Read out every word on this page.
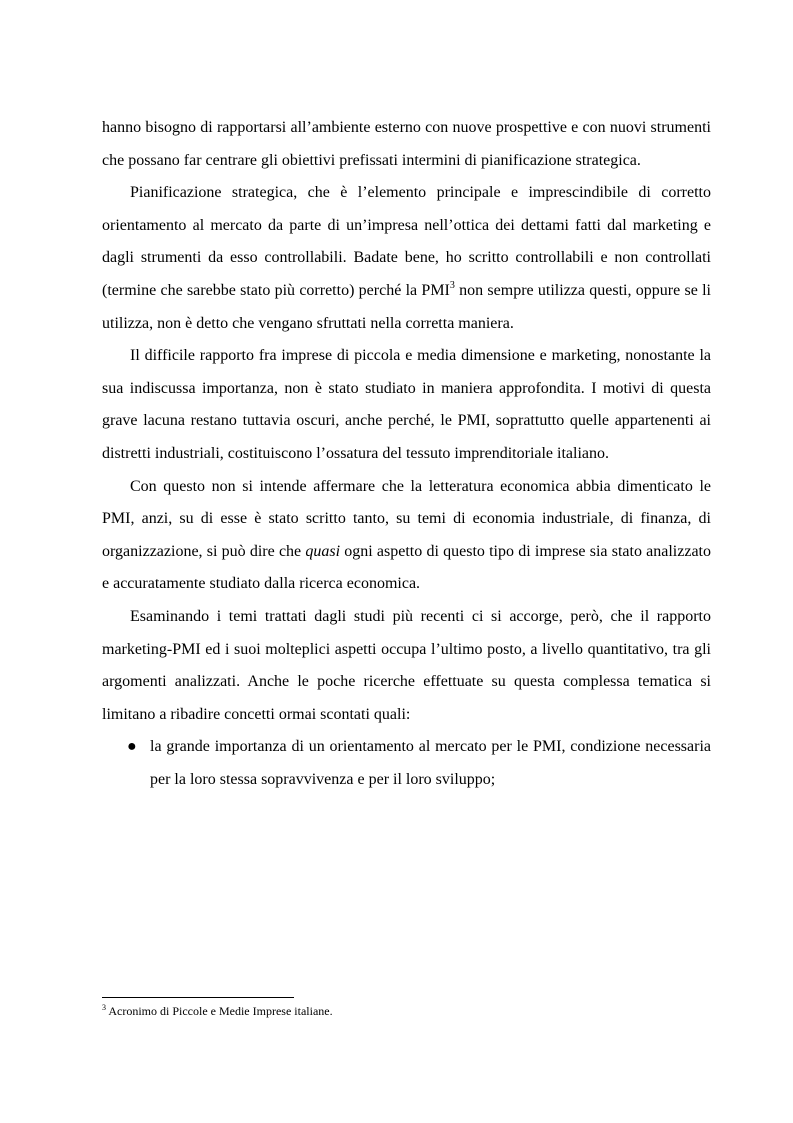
hanno bisogno di rapportarsi all’ambiente esterno con nuove prospettive e con nuovi strumenti che possano far centrare gli obiettivi prefissati intermini di pianificazione strategica.

Pianificazione strategica, che è l’elemento principale e imprescindibile di corretto orientamento al mercato da parte di un’impresa nell’ottica dei dettami fatti dal marketing e dagli strumenti da esso controllabili. Badate bene, ho scritto controllabili e non controllati (termine che sarebbe stato più corretto) perché la PMI$^3$ non sempre utilizza questi, oppure se li utilizza, non è detto che vengano sfruttati nella corretta maniera.

Il difficile rapporto fra imprese di piccola e media dimensione e marketing, nonostante la sua indiscussa importanza, non è stato studiato in maniera approfondita. I motivi di questa grave lacuna restano tuttavia oscuri, anche perché, le PMI, soprattutto quelle appartenenti ai distretti industriali, costituiscono l’ossatura del tessuto imprenditoriale italiano.

Con questo non si intende affermare che la letteratura economica abbia dimenticato le PMI, anzi, su di esse è stato scritto tanto, su temi di economia industriale, di finanza, di organizzazione, si può dire che quasi ogni aspetto di questo tipo di imprese sia stato analizzato e accuratamente studiato dalla ricerca economica.

Esaminando i temi trattati dagli studi più recenti ci si accorge, però, che il rapporto marketing-PMI ed i suoi molteplici aspetti occupa l’ultimo posto, a livello quantitativo, tra gli argomenti analizzati. Anche le poche ricerche effettuate su questa complessa tematica si limitano a ribadire concetti ormai scontati quali:

● la grande importanza di un orientamento al mercato per le PMI, condizione necessaria per la loro stessa sopravvivenza e per il loro sviluppo;
$^3$ Acronimo di Piccole e Medie Imprese italiane.
